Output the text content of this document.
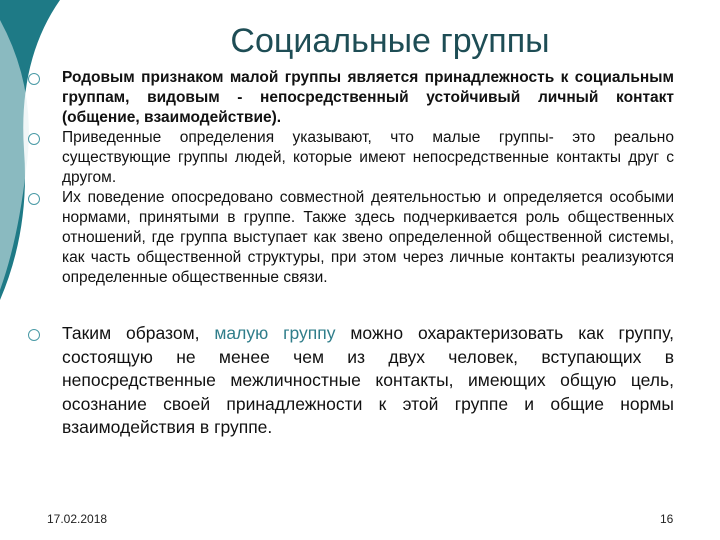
Социальные группы
Родовым признаком малой группы является принадлежность к социальным группам, видовым - непосредственный устойчивый личный контакт (общение, взаимодействие).
Приведенные определения указывают, что малые группы- это реально существующие группы людей, которые имеют непосредственные контакты друг с другом.
Их поведение опосредовано совместной деятельностью и определяется особыми нормами, принятыми в группе. Также здесь подчеркивается роль общественных отношений, где группа выступает как звено определенной общественной системы, как часть общественной структуры, при этом через личные контакты реализуются определенные общественные связи.
Таким образом, малую группу можно охарактеризовать как группу, состоящую не менее чем из двух человек, вступающих в непосредственные межличностные контакты, имеющих общую цель, осознание своей принадлежности к этой группе и общие нормы взаимодействия в группе.
17.02.2018	16
